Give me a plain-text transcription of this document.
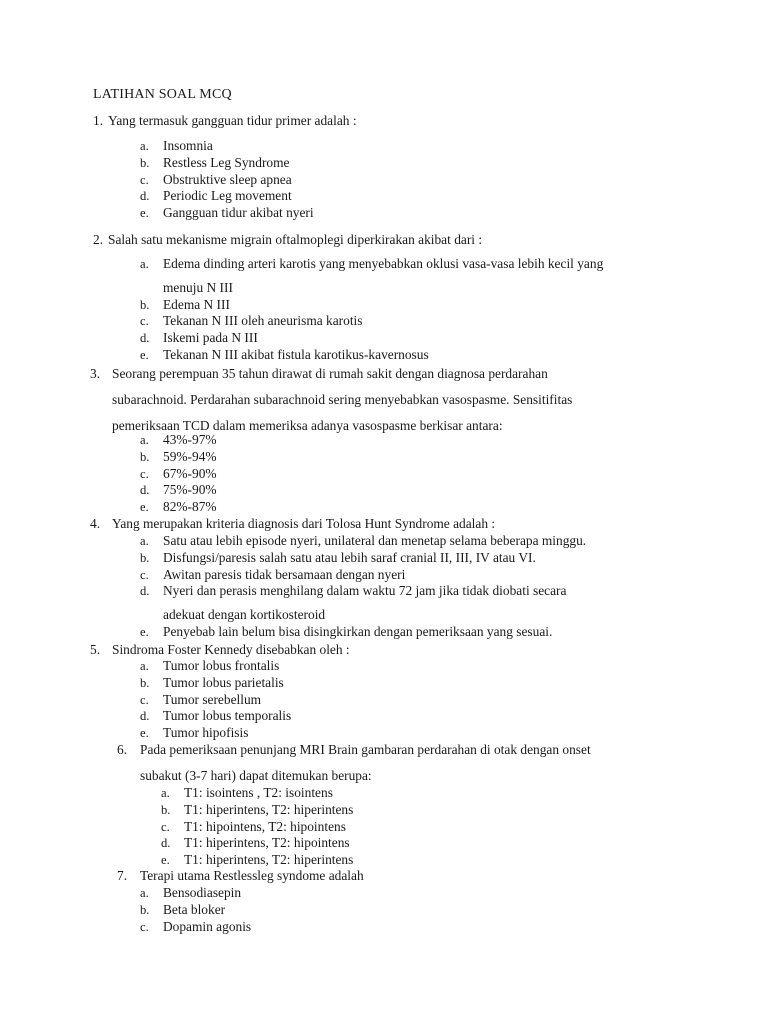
LATIHAN SOAL MCQ
1. Yang termasuk gangguan tidur primer adalah :
a.	Insomnia
b.	Restless Leg Syndrome
c.	Obstruktive sleep apnea
d.	Periodic Leg movement
e.	Gangguan tidur akibat nyeri
2. Salah satu mekanisme migrain oftalmoplegi diperkirakan akibat dari :
a.	Edema dinding arteri karotis yang menyebabkan oklusi vasa-vasa lebih kecil yang
menuju N III
b.	Edema N III
c.	Tekanan N III oleh aneurisma karotis
d.	Iskemi pada N III
e.	Tekanan N III akibat fistula karotikus-kavernosus
3. Seorang perempuan 35 tahun dirawat di rumah sakit dengan diagnosa perdarahan
subarachnoid. Perdarahan subarachnoid sering menyebabkan vasospasme. Sensitifitas
pemeriksaan TCD dalam memeriksa adanya vasospasme berkisar antara:
a.	43%-97%
b.	59%-94%
c.	67%-90%
d.	75%-90%
e.	82%-87%
4. Yang merupakan kriteria diagnosis dari Tolosa Hunt Syndrome adalah :
a.	Satu atau lebih episode nyeri, unilateral dan menetap selama beberapa minggu.
b.	Disfungsi/paresis salah satu atau lebih saraf cranial II, III, IV atau VI.
c.	Awitan paresis tidak bersamaan dengan nyeri
d.	Nyeri dan perasis menghilang dalam waktu 72 jam jika tidak diobati secara
adekuat dengan kortikosteroid
e.	Penyebab lain belum bisa disingkirkan dengan pemeriksaan yang sesuai.
5. Sindroma Foster Kennedy disebabkan oleh :
a.	Tumor lobus frontalis
b.	Tumor lobus parietalis
c.	Tumor serebellum
d.	Tumor lobus temporalis
e.	Tumor hipofisis
6. Pada pemeriksaan penunjang MRI Brain gambaran perdarahan di otak dengan onset
subakut (3-7 hari) dapat ditemukan berupa:
a.	T1: isointens , T2: isointens
b.	T1: hiperintens, T2: hiperintens
c.	T1: hipointens, T2: hipointens
d.	T1: hiperintens, T2: hipointens
e.	T1: hiperintens, T2: hiperintens
7. Terapi utama Restlessleg syndome adalah
a.	Bensodiasepin
b.	Beta bloker
c.	Dopamin agonis
